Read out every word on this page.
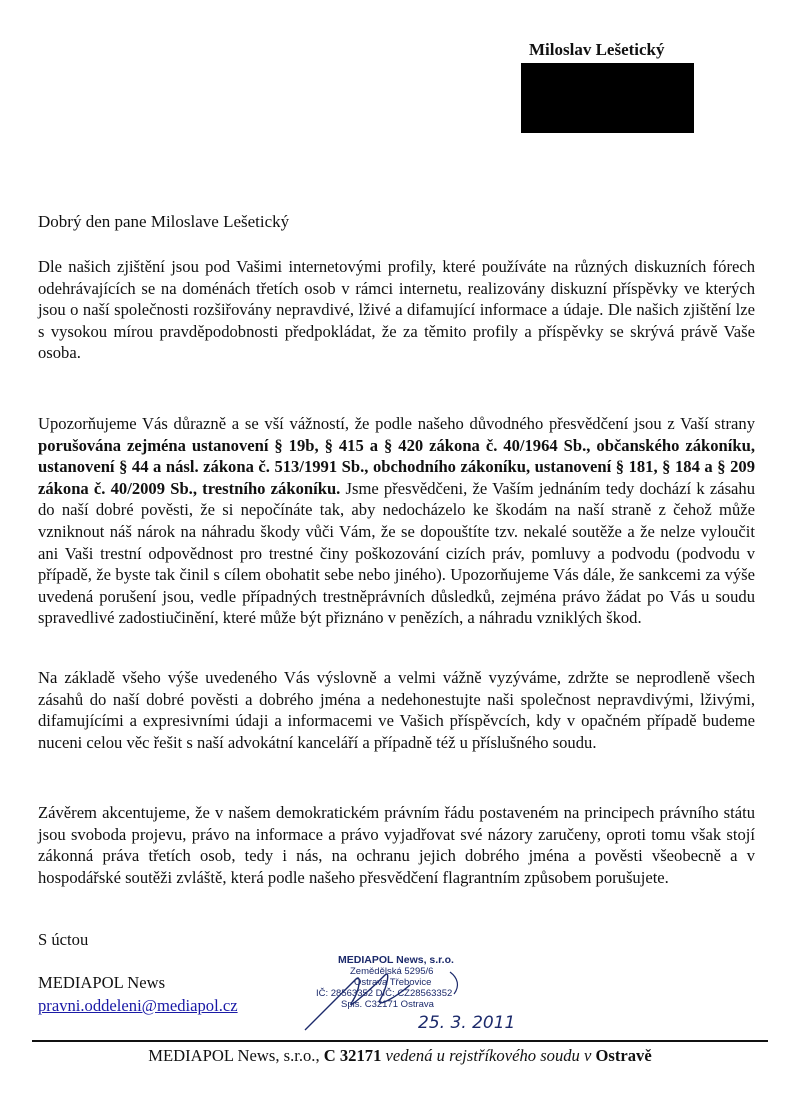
Miloslav Lešetický
Dobrý den pane Miloslave Lešetický

Dle našich zjištění jsou pod Vašimi internetovými profily, které používáte na různých diskuzních fórech odehrávajících se na doménách třetích osob v rámci internetu, realizovány diskuzní příspěvky ve kterých jsou o naší společnosti rozšiřovány nepravdivé, lživé a difamující informace a údaje. Dle našich zjištění lze s vysokou mírou pravděpodobnosti předpokládat, že za těmito profily a příspěvky se skrývá právě Vaše osoba.

Upozorňujeme Vás důrazně a se vší vážností, že podle našeho důvodného přesvědčení jsou z Vaší strany porušována zejména ustanovení § 19b, § 415 a § 420 zákona č. 40/1964 Sb., občanského zákoníku, ustanovení § 44 a násl. zákona č. 513/1991 Sb., obchodního zákoníku, ustanovení § 181, § 184 a § 209 zákona č. 40/2009 Sb., trestního zákoníku. Jsme přesvědčeni, že Vaším jednáním tedy dochází k zásahu do naší dobré pověsti, že si nepočínáte tak, aby nedocházelo ke škodám na naší straně z čehož může vzniknout náš nárok na náhradu škody vůči Vám, že se dopouštíte tzv. nekalé soutěže a že nelze vyloučit ani Vaši trestní odpovědnost pro trestné činy poškozování cizích práv, pomluvy a podvodu (podvodu v případě, že byste tak činil s cílem obohatit sebe nebo jiného). Upozorňujeme Vás dále, že sankcemi za výše uvedená porušení jsou, vedle případných trestněprávních důsledků, zejména právo žádat po Vás u soudu spravedlivé zadostiučinění, které může být přiznáno v penězích, a náhradu vzniklých škod.

Na základě všeho výše uvedeného Vás výslovně a velmi vážně vyzýváme, zdržte se neprodleně všech zásahů do naší dobré pověsti a dobrého jména a nedehonestujte naši společnost nepravdivými, lživými, difamujícími a expresivními údaji a informacemi ve Vašich příspěvcích, kdy v opačném případě budeme nuceni celou věc řešit s naší advokátní kanceláří a případně též u příslušného soudu.

Závěrem akcentujeme, že v našem demokratickém právním řádu postaveném na principech právního státu jsou svoboda projevu, právo na informace a právo vyjadřovat své názory zaručeny, oproti tomu však stojí zákonná práva třetích osob, tedy i nás, na ochranu jejich dobrého jména a pověsti všeobecně a v hospodářské soutěži zvláště, která podle našeho přesvědčení flagrantním způsobem porušujete.

S úctou
MEDIAPOL News
pravni.oddeleni@mediapol.cz
MEDIAPOL News, s.r.o.
Zemědělská 5295/6
Ostrava Třebovice
IČ: 28563352 DIČ: CZ28563352
Spis. C32171 Ostrava
25. 3. 2011
MEDIAPOL News, s.r.o., C 32171 vedená u rejstříkového soudu v Ostravě
